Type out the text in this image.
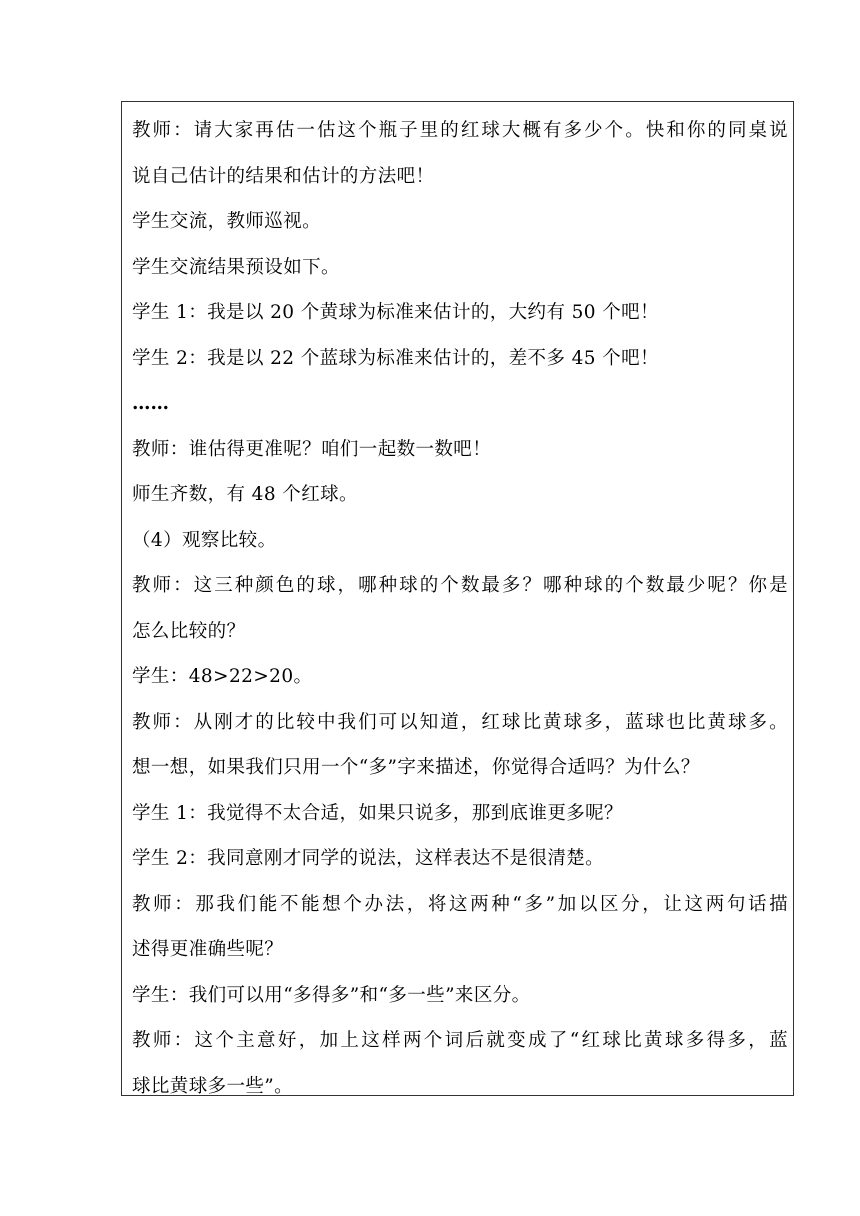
教师：请大家再估一估这个瓶子里的红球大概有多少个。快和你的同桌说
说自己估计的结果和估计的方法吧！
学生交流，教师巡视。
学生交流结果预设如下。
学生 1：我是以 20 个黄球为标准来估计的，大约有 50 个吧！
学生 2：我是以 22 个蓝球为标准来估计的，差不多 45 个吧！
……
教师：谁估得更准呢？咱们一起数一数吧！
师生齐数，有 48 个红球。
（4）观察比较。
教师：这三种颜色的球，哪种球的个数最多？哪种球的个数最少呢？你是
怎么比较的？
学生：48>22>20。
教师：从刚才的比较中我们可以知道，红球比黄球多，蓝球也比黄球多。
想一想，如果我们只用一个“多”字来描述，你觉得合适吗？为什么？
学生 1：我觉得不太合适，如果只说多，那到底谁更多呢？
学生 2：我同意刚才同学的说法，这样表达不是很清楚。
教师：那我们能不能想个办法，将这两种“多”加以区分，让这两句话描
述得更准确些呢？
学生：我们可以用“多得多”和“多一些”来区分。
教师：这个主意好，加上这样两个词后就变成了“红球比黄球多得多，蓝
球比黄球多一些”。
